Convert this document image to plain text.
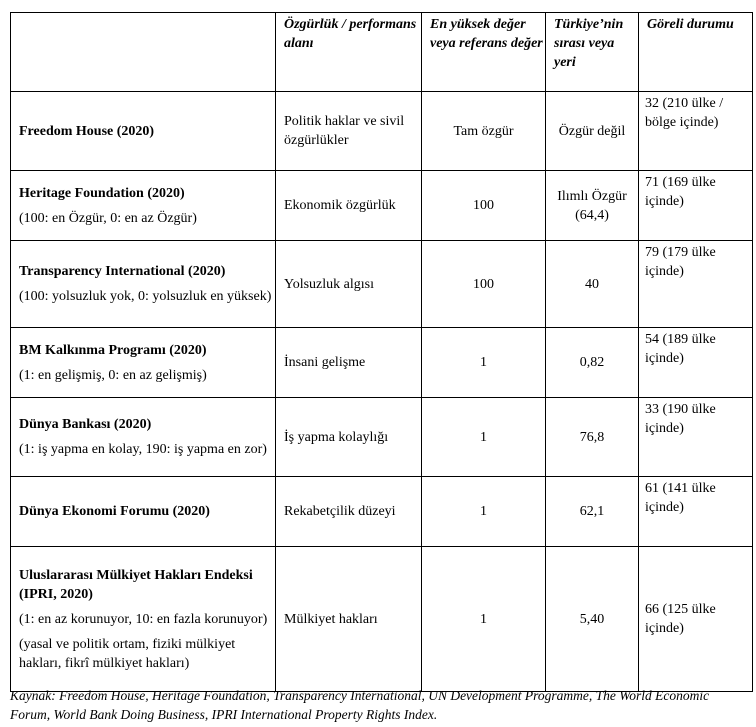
	Özgürlük / performans alanı	En yüksek değer veya referans değer	Türkiye’nin sırası veya yeri	Göreli durumu

Freedom House (2020)	Politik haklar ve sivil özgürlükler	Tam özgür	Özgür değil	32 (210 ülke / bölge içinde)

Heritage Foundation (2020)
(100: en Özgür, 0: en az Özgür)	Ekonomik özgürlük	100	Ilımlı Özgür (64,4)	71 (169 ülke içinde)

Transparency International (2020)
(100: yolsuzluk yok, 0: yolsuzluk en yüksek)	Yolsuzluk algısı	100	40	79 (179 ülke içinde)

BM Kalkınma Programı (2020)
(1: en gelişmiş, 0: en az gelişmiş)	İnsani gelişme	1	0,82	54 (189 ülke içinde)

Dünya Bankası (2020)
(1: iş yapma en kolay, 190: iş yapma en zor)	İş yapma kolaylığı	1	76,8	33 (190 ülke içinde)

Dünya Ekonomi Forumu (2020)	Rekabetçilik düzeyi	1	62,1	61 (141 ülke içinde)

Uluslararası Mülkiyet Hakları Endeksi (IPRI, 2020)
(1: en az korunuyor, 10: en fazla korunuyor)
(yasal ve politik ortam, fiziki mülkiyet hakları, fikrî mülkiyet hakları)	Mülkiyet hakları	1	5,40	66 (125 ülke içinde)
Kaynak: Freedom House, Heritage Foundation, Transparency International, UN Development Programme, The World Economic Forum, World Bank Doing Business, IPRI International Property Rights Index.
